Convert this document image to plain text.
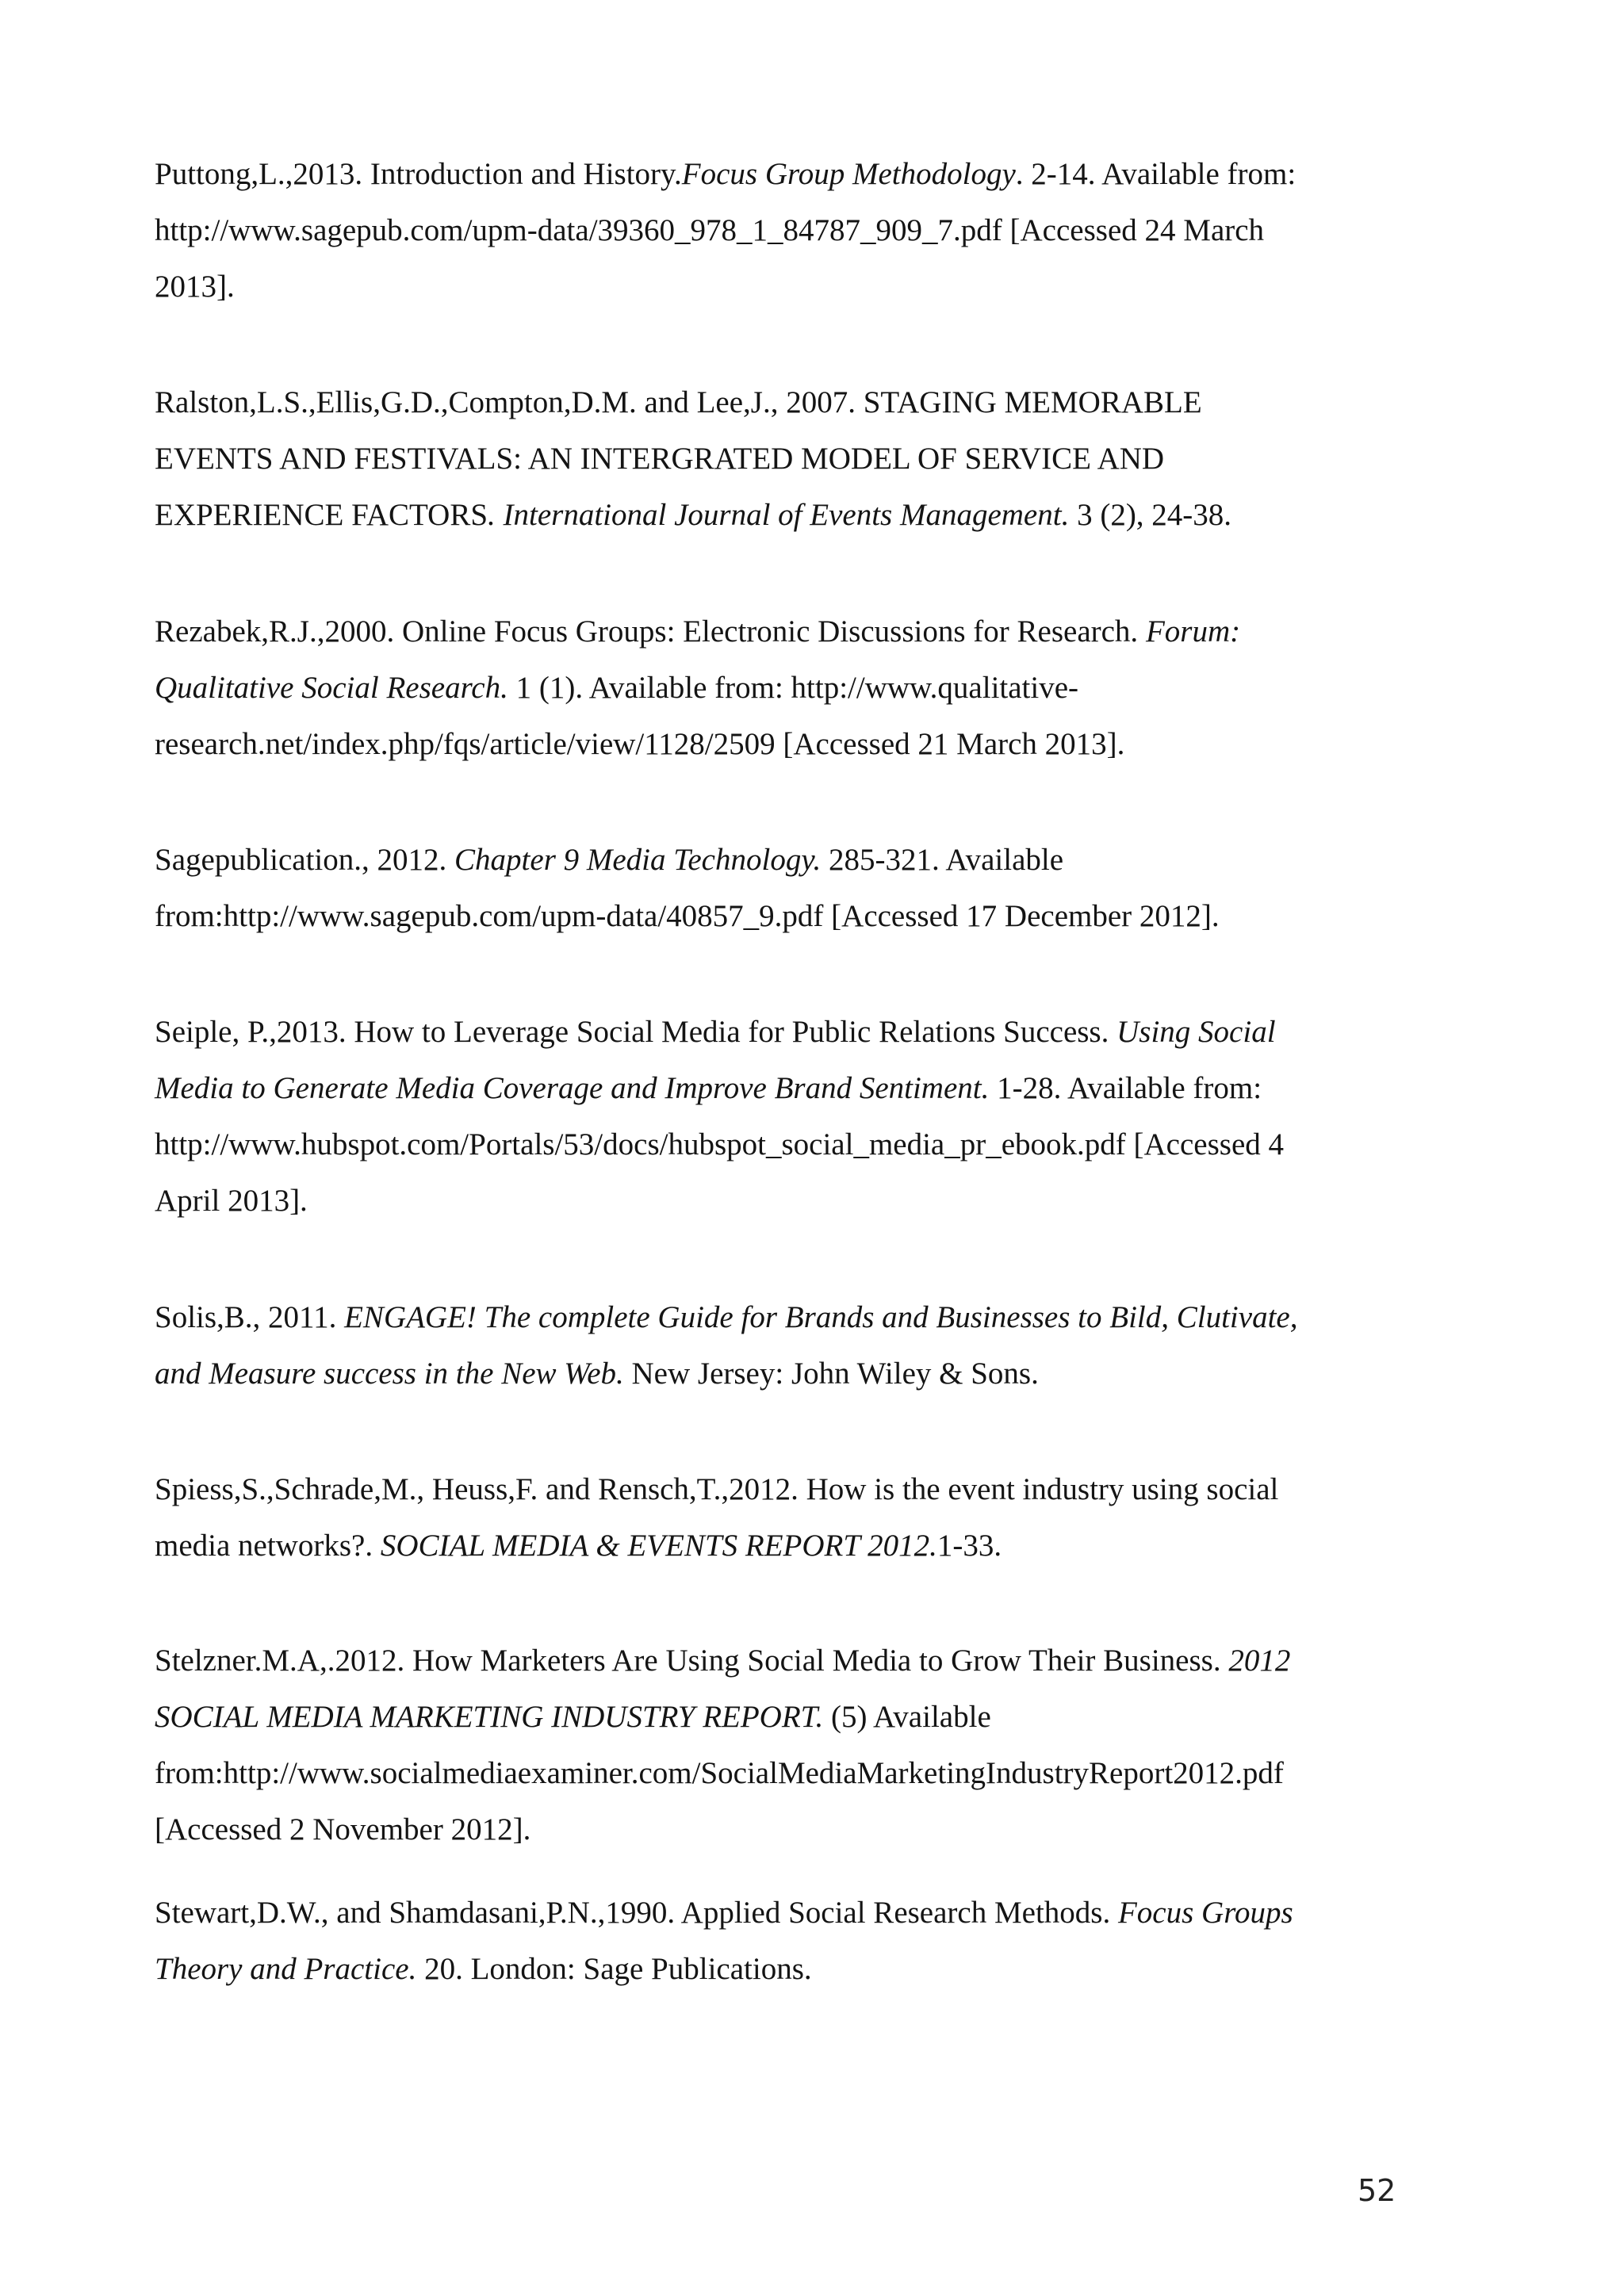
Puttong,L.,2013. Introduction and History.Focus Group Methodology. 2-14. Available from:
http://www.sagepub.com/upm-data/39360_978_1_84787_909_7.pdf [Accessed 24 March
2013].
Ralston,L.S.,Ellis,G.D.,Compton,D.M. and Lee,J., 2007. STAGING MEMORABLE
EVENTS AND FESTIVALS: AN INTERGRATED MODEL OF SERVICE AND
EXPERIENCE FACTORS. International Journal of Events Management. 3 (2), 24-38.
Rezabek,R.J.,2000. Online Focus Groups: Electronic Discussions for Research. Forum:
Qualitative Social Research. 1 (1). Available from: http://www.qualitative-
research.net/index.php/fqs/article/view/1128/2509 [Accessed 21 March 2013].
Sagepublication., 2012. Chapter 9 Media Technology. 285-321. Available
from:http://www.sagepub.com/upm-data/40857_9.pdf [Accessed 17 December 2012].
Seiple, P.,2013. How to Leverage Social Media for Public Relations Success. Using Social
Media to Generate Media Coverage and Improve Brand Sentiment. 1-28. Available from:
http://www.hubspot.com/Portals/53/docs/hubspot_social_media_pr_ebook.pdf [Accessed 4
April 2013].
Solis,B., 2011. ENGAGE! The complete Guide for Brands and Businesses to Bild, Clutivate,
and Measure success in the New Web. New Jersey: John Wiley & Sons.
Spiess,S.,Schrade,M., Heuss,F. and Rensch,T.,2012. How is the event industry using social
media networks?. SOCIAL MEDIA & EVENTS REPORT 2012.1-33.
Stelzner.M.A,.2012. How Marketers Are Using Social Media to Grow Their Business. 2012
SOCIAL MEDIA MARKETING INDUSTRY REPORT. (5) Available
from:http://www.socialmediaexaminer.com/SocialMediaMarketingIndustryReport2012.pdf
[Accessed 2 November 2012].
Stewart,D.W., and Shamdasani,P.N.,1990. Applied Social Research Methods. Focus Groups
Theory and Practice. 20. London: Sage Publications.
52
